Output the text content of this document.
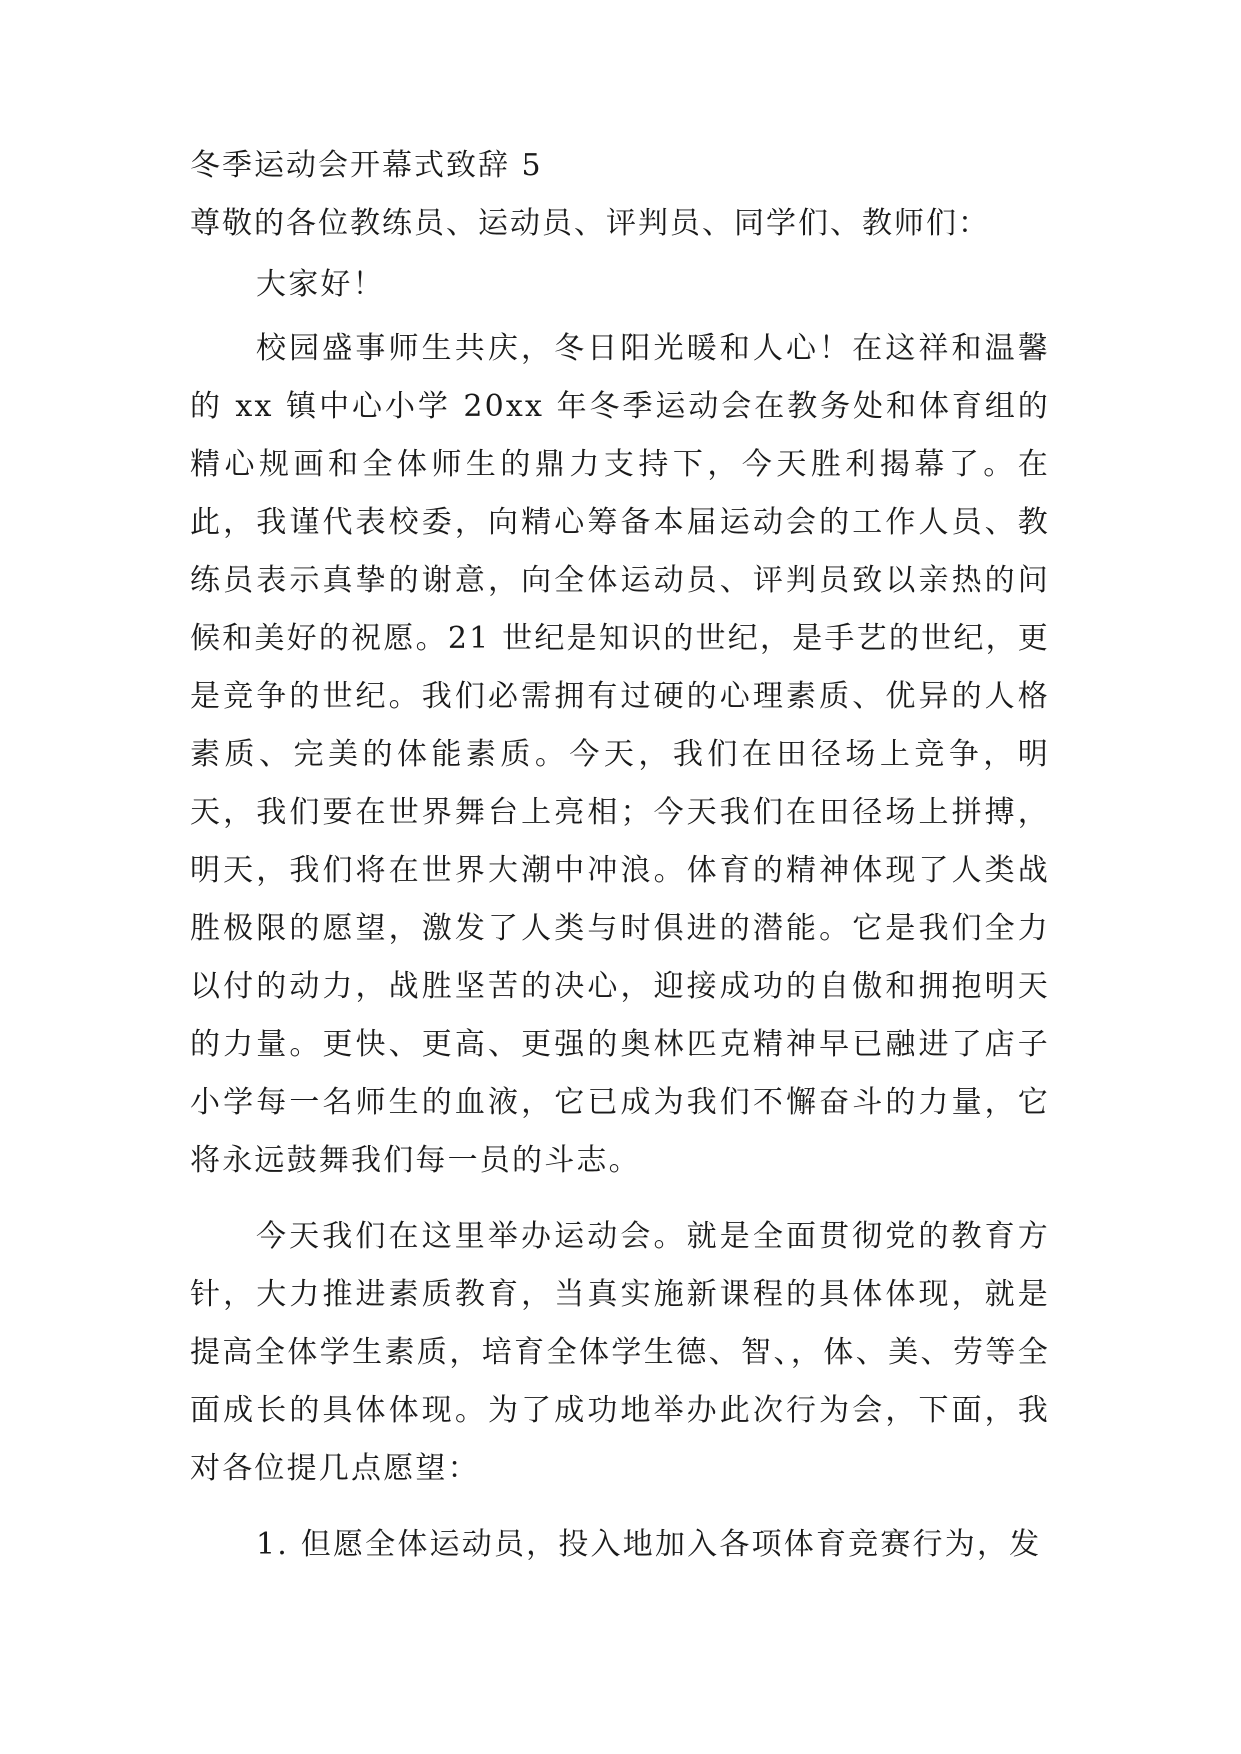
冬季运动会开幕式致辞 5

尊敬的各位教练员、运动员、评判员、同学们、教师们：

大家好！

校园盛事师生共庆，冬日阳光暖和人心！在这祥和温馨的 xx 镇中心小学 20xx 年冬季运动会在教务处和体育组的精心规画和全体师生的鼎力支持下，今天胜利揭幕了。在此，我谨代表校委，向精心筹备本届运动会的工作人员、教练员表示真挚的谢意，向全体运动员、评判员致以亲热的问候和美好的祝愿。21 世纪是知识的世纪，是手艺的世纪，更是竞争的世纪。我们必需拥有过硬的心理素质、优异的人格素质、完美的体能素质。今天，我们在田径场上竞争，明天，我们要在世界舞台上亮相；今天我们在田径场上拼搏，明天，我们将在世界大潮中冲浪。体育的精神体现了人类战胜极限的愿望，激发了人类与时俱进的潜能。它是我们全力以付的动力，战胜坚苦的决心，迎接成功的自傲和拥抱明天的力量。更快、更高、更强的奥林匹克精神早已融进了店子小学每一名师生的血液，它已成为我们不懈奋斗的力量，它将永远鼓舞我们每一员的斗志。

今天我们在这里举办运动会。就是全面贯彻党的教育方针，大力推进素质教育，当真实施新课程的具体体现，就是提高全体学生素质，培育全体学生德、智、，体、美、劳等全面成长的具体体现。为了成功地举办此次行为会，下面，我对各位提几点愿望：

1. 但愿全体运动员，投入地加入各项体育竞赛行为，发
